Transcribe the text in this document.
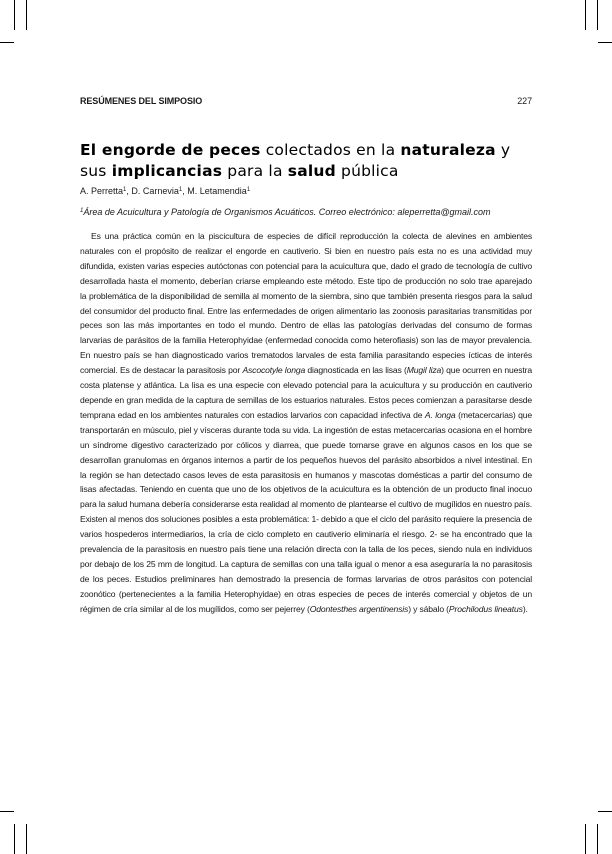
RESÚMENES DEL SIMPOSIO	227
El engorde de peces colectados en la naturaleza y sus implicancias para la salud pública
A. Perretta$^1$, D. Carnevia$^1$, M. Letamendia$^1$
$^1$Área de Acuicultura y Patología de Organismos Acuáticos. Correo electrónico: aleperretta@gmail.com

Es una práctica común en la piscicultura de especies de difícil reproducción la colecta de alevines en ambientes naturales con el propósito de realizar el engorde en cautiverio. Si bien en nuestro país esta no es una actividad muy difundida, existen varias especies autóctonas con potencial para la acuicultura que, dado el grado de tecnología de cultivo desarrollada hasta el momento, deberían criarse empleando este método. Este tipo de producción no solo trae aparejado la problemática de la disponibilidad de semilla al momento de la siembra, sino que también presenta riesgos para la salud del consumidor del producto final. Entre las enfermedades de origen alimentario las zoonosis parasitarias transmitidas por peces son las más importantes en todo el mundo. Dentro de ellas las patologías derivadas del consumo de formas larvarias de parásitos de la familia Heterophyidae (enfermedad conocida como heterofiasis) son las de mayor prevalencia. En nuestro país se han diagnosticado varios trematodos larvales de esta familia parasitando especies ícticas de interés comercial. Es de destacar la parasitosis por Ascocotyle longa diagnosticada en las lisas (Mugil liza) que ocurren en nuestra costa platense y atlántica. La lisa es una especie con elevado potencial para la acuicultura y su producción en cautiverio depende en gran medida de la captura de semillas de los estuarios naturales. Estos peces comienzan a parasitarse desde temprana edad en los ambientes naturales con estadios larvarios con capacidad infectiva de A. longa (metacercarias) que transportarán en músculo, piel y vísceras durante toda su vida. La ingestión de estas metacercarias ocasiona en el hombre un síndrome digestivo caracterizado por cólicos y diarrea, que puede tornarse grave en algunos casos en los que se desarrollan granulomas en órganos internos a partir de los pequeños huevos del parásito absorbidos a nivel intestinal. En la región se han detectado casos leves de esta parasitosis en humanos y mascotas domésticas a partir del consumo de lisas afectadas. Teniendo en cuenta que uno de los objetivos de la acuicultura es la obtención de un producto final inocuo para la salud humana debería considerarse esta realidad al momento de plantearse el cultivo de mugílidos en nuestro país. Existen al menos dos soluciones posibles a esta problemática: 1- debido a que el ciclo del parásito requiere la presencia de varios hospederos intermediarios, la cría de ciclo completo en cautiverio eliminaría el riesgo. 2- se ha encontrado que la prevalencia de la parasitosis en nuestro país tiene una relación directa con la talla de los peces, siendo nula en individuos por debajo de los 25 mm de longitud. La captura de semillas con una talla igual o menor a esa aseguraría la no parasitosis de los peces. Estudios preliminares han demostrado la presencia de formas larvarias de otros parásitos con potencial zoonótico (pertenecientes a la familia Heterophyidae) en otras especies de peces de interés comercial y objetos de un régimen de cría similar al de los mugílidos, como ser pejerrey (Odontesthes argentinensis) y sábalo (Prochilodus lineatus).
